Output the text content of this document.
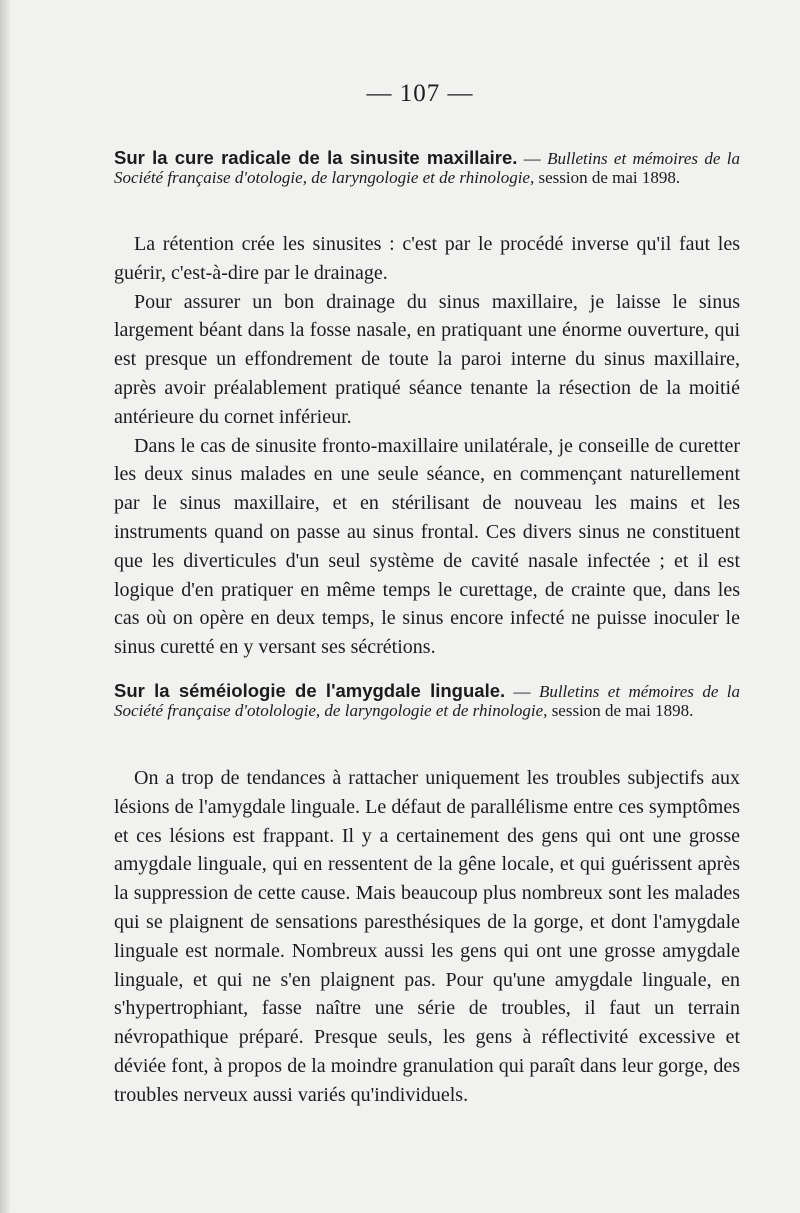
— 107 —

Sur la cure radicale de la sinusite maxillaire. — Bulletins et mémoires de la Société française d'otologie, de laryngologie et de rhinologie, session de mai 1898.

La rétention crée les sinusites : c'est par le procédé inverse qu'il faut les guérir, c'est-à-dire par le drainage.

Pour assurer un bon drainage du sinus maxillaire, je laisse le sinus largement béant dans la fosse nasale, en pratiquant une énorme ouverture, qui est presque un effondrement de toute la paroi interne du sinus maxillaire, après avoir préalablement pratiqué séance tenante la résection de la moitié antérieure du cornet inférieur.

Dans le cas de sinusite fronto-maxillaire unilatérale, je conseille de curetter les deux sinus malades en une seule séance, en commençant naturellement par le sinus maxillaire, et en stérilisant de nouveau les mains et les instruments quand on passe au sinus frontal. Ces divers sinus ne constituent que les diverticules d'un seul système de cavité nasale infectée ; et il est logique d'en pratiquer en même temps le curettage, de crainte que, dans les cas où on opère en deux temps, le sinus encore infecté ne puisse inoculer le sinus curetté en y versant ses sécrétions.

Sur la séméiologie de l'amygdale linguale. — Bulletins et mémoires de la Société française d'otolologie, de laryngologie et de rhinologie, session de mai 1898.

On a trop de tendances à rattacher uniquement les troubles subjectifs aux lésions de l'amygdale linguale. Le défaut de parallélisme entre ces symptômes et ces lésions est frappant. Il y a certainement des gens qui ont une grosse amygdale linguale, qui en ressentent de la gêne locale, et qui guérissent après la suppression de cette cause. Mais beaucoup plus nombreux sont les malades qui se plaignent de sensations paresthésiques de la gorge, et dont l'amygdale linguale est normale. Nombreux aussi les gens qui ont une grosse amygdale linguale, et qui ne s'en plaignent pas. Pour qu'une amygdale linguale, en s'hypertrophiant, fasse naître une série de troubles, il faut un terrain névropathique préparé. Presque seuls, les gens à réflectivité excessive et déviée font, à propos de la moindre granulation qui paraît dans leur gorge, des troubles nerveux aussi variés qu'individuels.
